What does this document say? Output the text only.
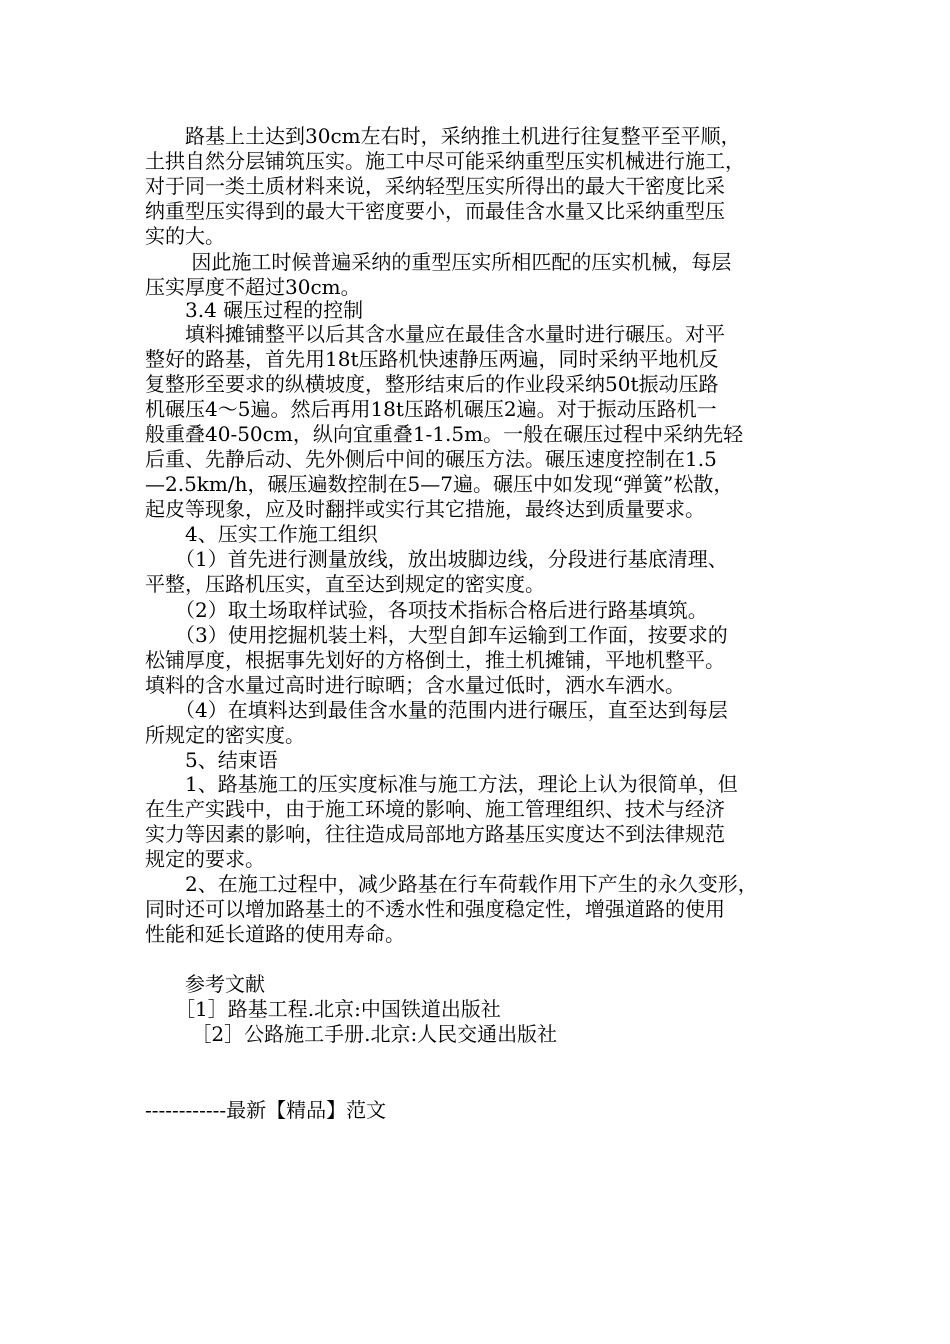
　　路基上土达到30cm左右时，采纳推土机进行往复整平至平顺，
土拱自然分层铺筑压实。施工中尽可能采纳重型压实机械进行施工，
对于同一类土质材料来说，采纳轻型压实所得出的最大干密度比采
纳重型压实得到的最大干密度要小，而最佳含水量又比采纳重型压
实的大。
　　 因此施工时候普遍采纳的重型压实所相匹配的压实机械，每层
压实厚度不超过30cm。
　　3.4 碾压过程的控制
　　填料摊铺整平以后其含水量应在最佳含水量时进行碾压。对平
整好的路基，首先用18t压路机快速静压两遍，同时采纳平地机反
复整形至要求的纵横坡度，整形结束后的作业段采纳50t振动压路
机碾压4～5遍。然后再用18t压路机碾压2遍。对于振动压路机一
般重叠40-50cm，纵向宜重叠1-1.5m。一般在碾压过程中采纳先轻
后重、先静后动、先外侧后中间的碾压方法。碾压速度控制在1.5
—2.5km/h，碾压遍数控制在5—7遍。碾压中如发现“弹簧”松散，
起皮等现象，应及时翻拌或实行其它措施，最终达到质量要求。
　　4、压实工作施工组织
　　（1）首先进行测量放线，放出坡脚边线，分段进行基底清理、
平整，压路机压实，直至达到规定的密实度。
　　（2）取土场取样试验，各项技术指标合格后进行路基填筑。
　　（3）使用挖掘机装土料，大型自卸车运输到工作面，按要求的
松铺厚度，根据事先划好的方格倒土，推土机摊铺，平地机整平。
填料的含水量过高时进行晾晒；含水量过低时，洒水车洒水。
　　（4）在填料达到最佳含水量的范围内进行碾压，直至达到每层
所规定的密实度。
　　5、结束语
　　1、路基施工的压实度标准与施工方法，理论上认为很简单，但
在生产实践中，由于施工环境的影响、施工管理组织、技术与经济
实力等因素的影响，往往造成局部地方路基压实度达不到法律规范
规定的要求。
　　2、在施工过程中，减少路基在行车荷载作用下产生的永久变形，
同时还可以增加路基土的不透水性和强度稳定性，增强道路的使用
性能和延长道路的使用寿命。
　　参考文献
　　［1］路基工程.北京:中国铁道出版社
　　 ［2］公路施工手册.北京:人民交通出版社
------------最新【精品】范文
